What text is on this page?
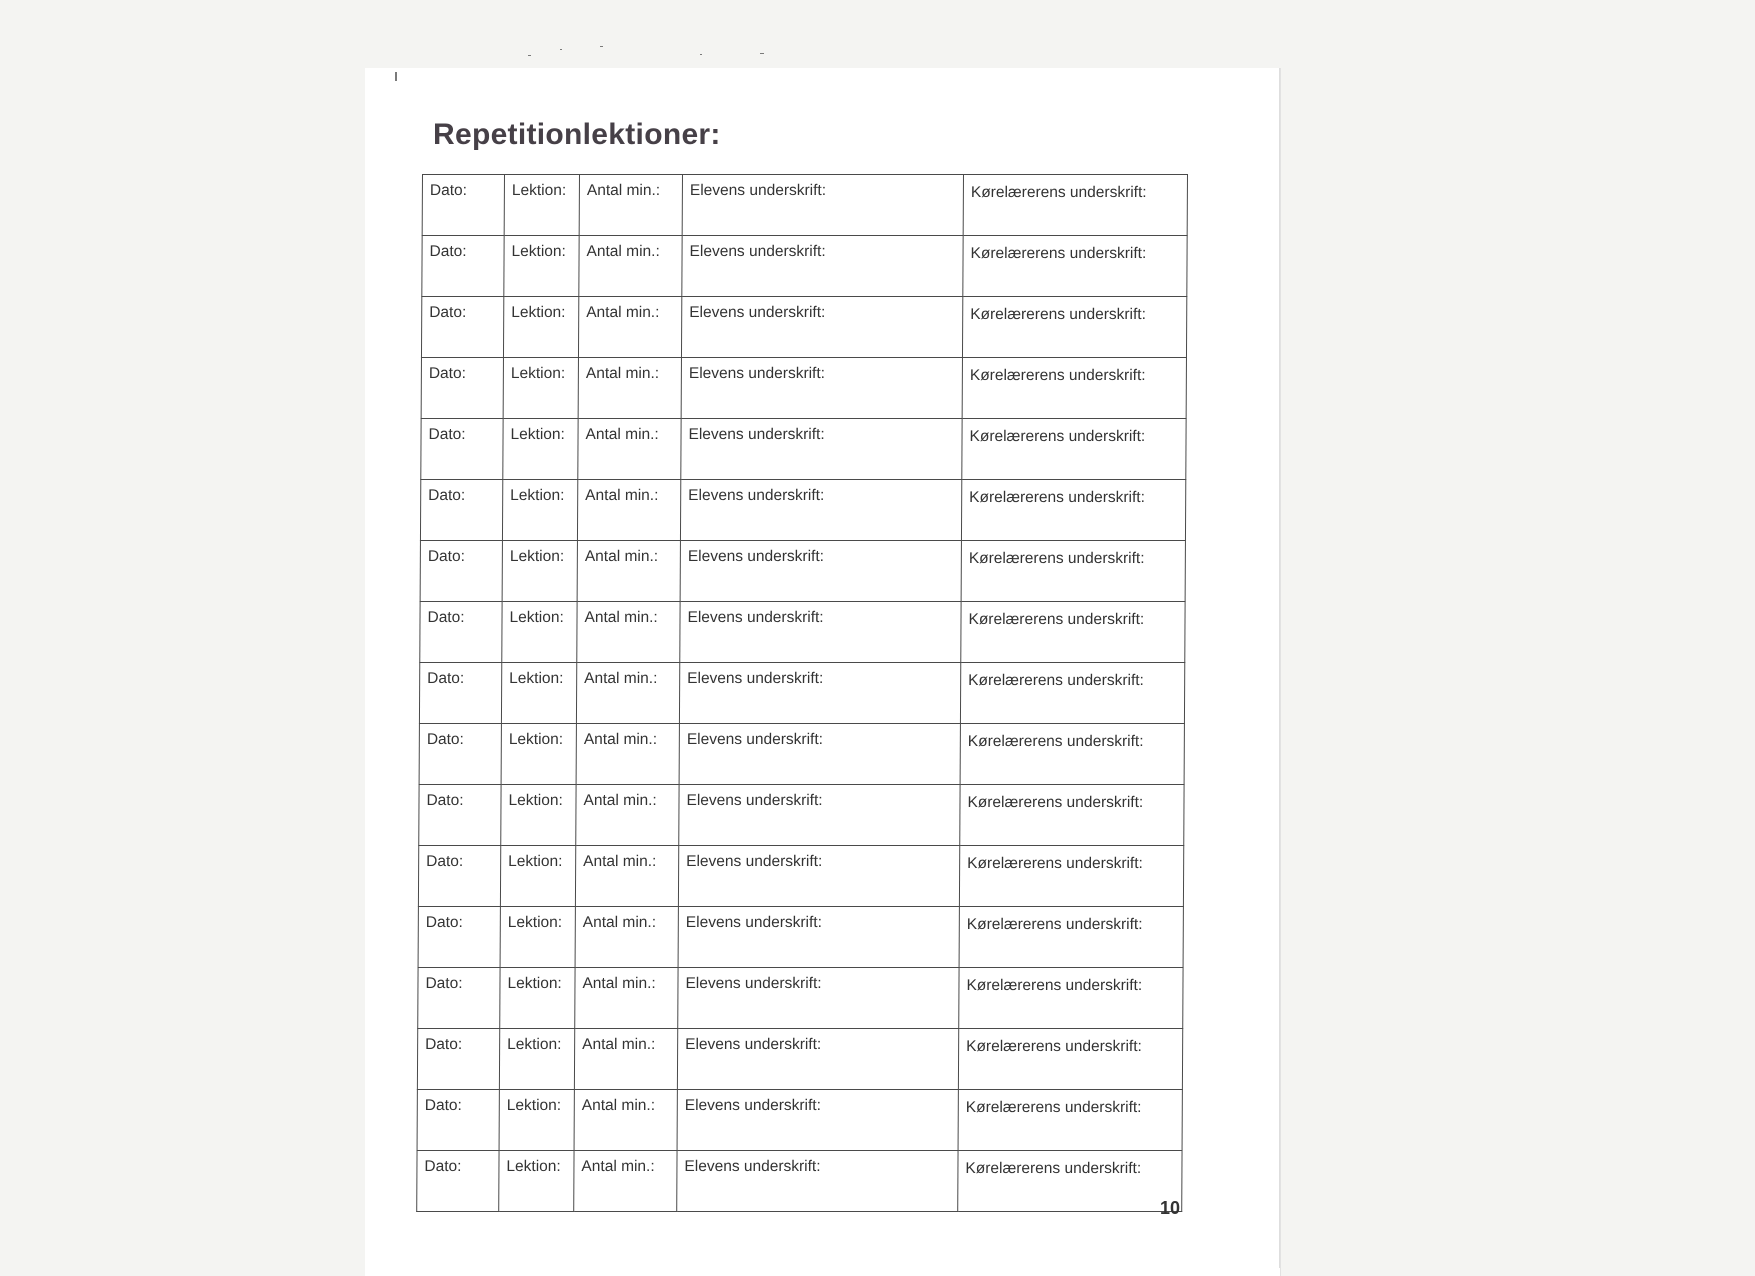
Repetitionlektioner:
Dato:	Lektion:	Antal min.:	Elevens underskrift:	Kørelærerens underskrift:
Dato:	Lektion:	Antal min.:	Elevens underskrift:	Kørelærerens underskrift:
Dato:	Lektion:	Antal min.:	Elevens underskrift:	Kørelærerens underskrift:
Dato:	Lektion:	Antal min.:	Elevens underskrift:	Kørelærerens underskrift:
Dato:	Lektion:	Antal min.:	Elevens underskrift:	Kørelærerens underskrift:
Dato:	Lektion:	Antal min.:	Elevens underskrift:	Kørelærerens underskrift:
Dato:	Lektion:	Antal min.:	Elevens underskrift:	Kørelærerens underskrift:
Dato:	Lektion:	Antal min.:	Elevens underskrift:	Kørelærerens underskrift:
Dato:	Lektion:	Antal min.:	Elevens underskrift:	Kørelærerens underskrift:
Dato:	Lektion:	Antal min.:	Elevens underskrift:	Kørelærerens underskrift:
Dato:	Lektion:	Antal min.:	Elevens underskrift:	Kørelærerens underskrift:
Dato:	Lektion:	Antal min.:	Elevens underskrift:	Kørelærerens underskrift:
Dato:	Lektion:	Antal min.:	Elevens underskrift:	Kørelærerens underskrift:
Dato:	Lektion:	Antal min.:	Elevens underskrift:	Kørelærerens underskrift:
Dato:	Lektion:	Antal min.:	Elevens underskrift:	Kørelærerens underskrift:
Dato:	Lektion:	Antal min.:	Elevens underskrift:	Kørelærerens underskrift:
Dato:	Lektion:	Antal min.:	Elevens underskrift:	Kørelærerens underskrift:
10
